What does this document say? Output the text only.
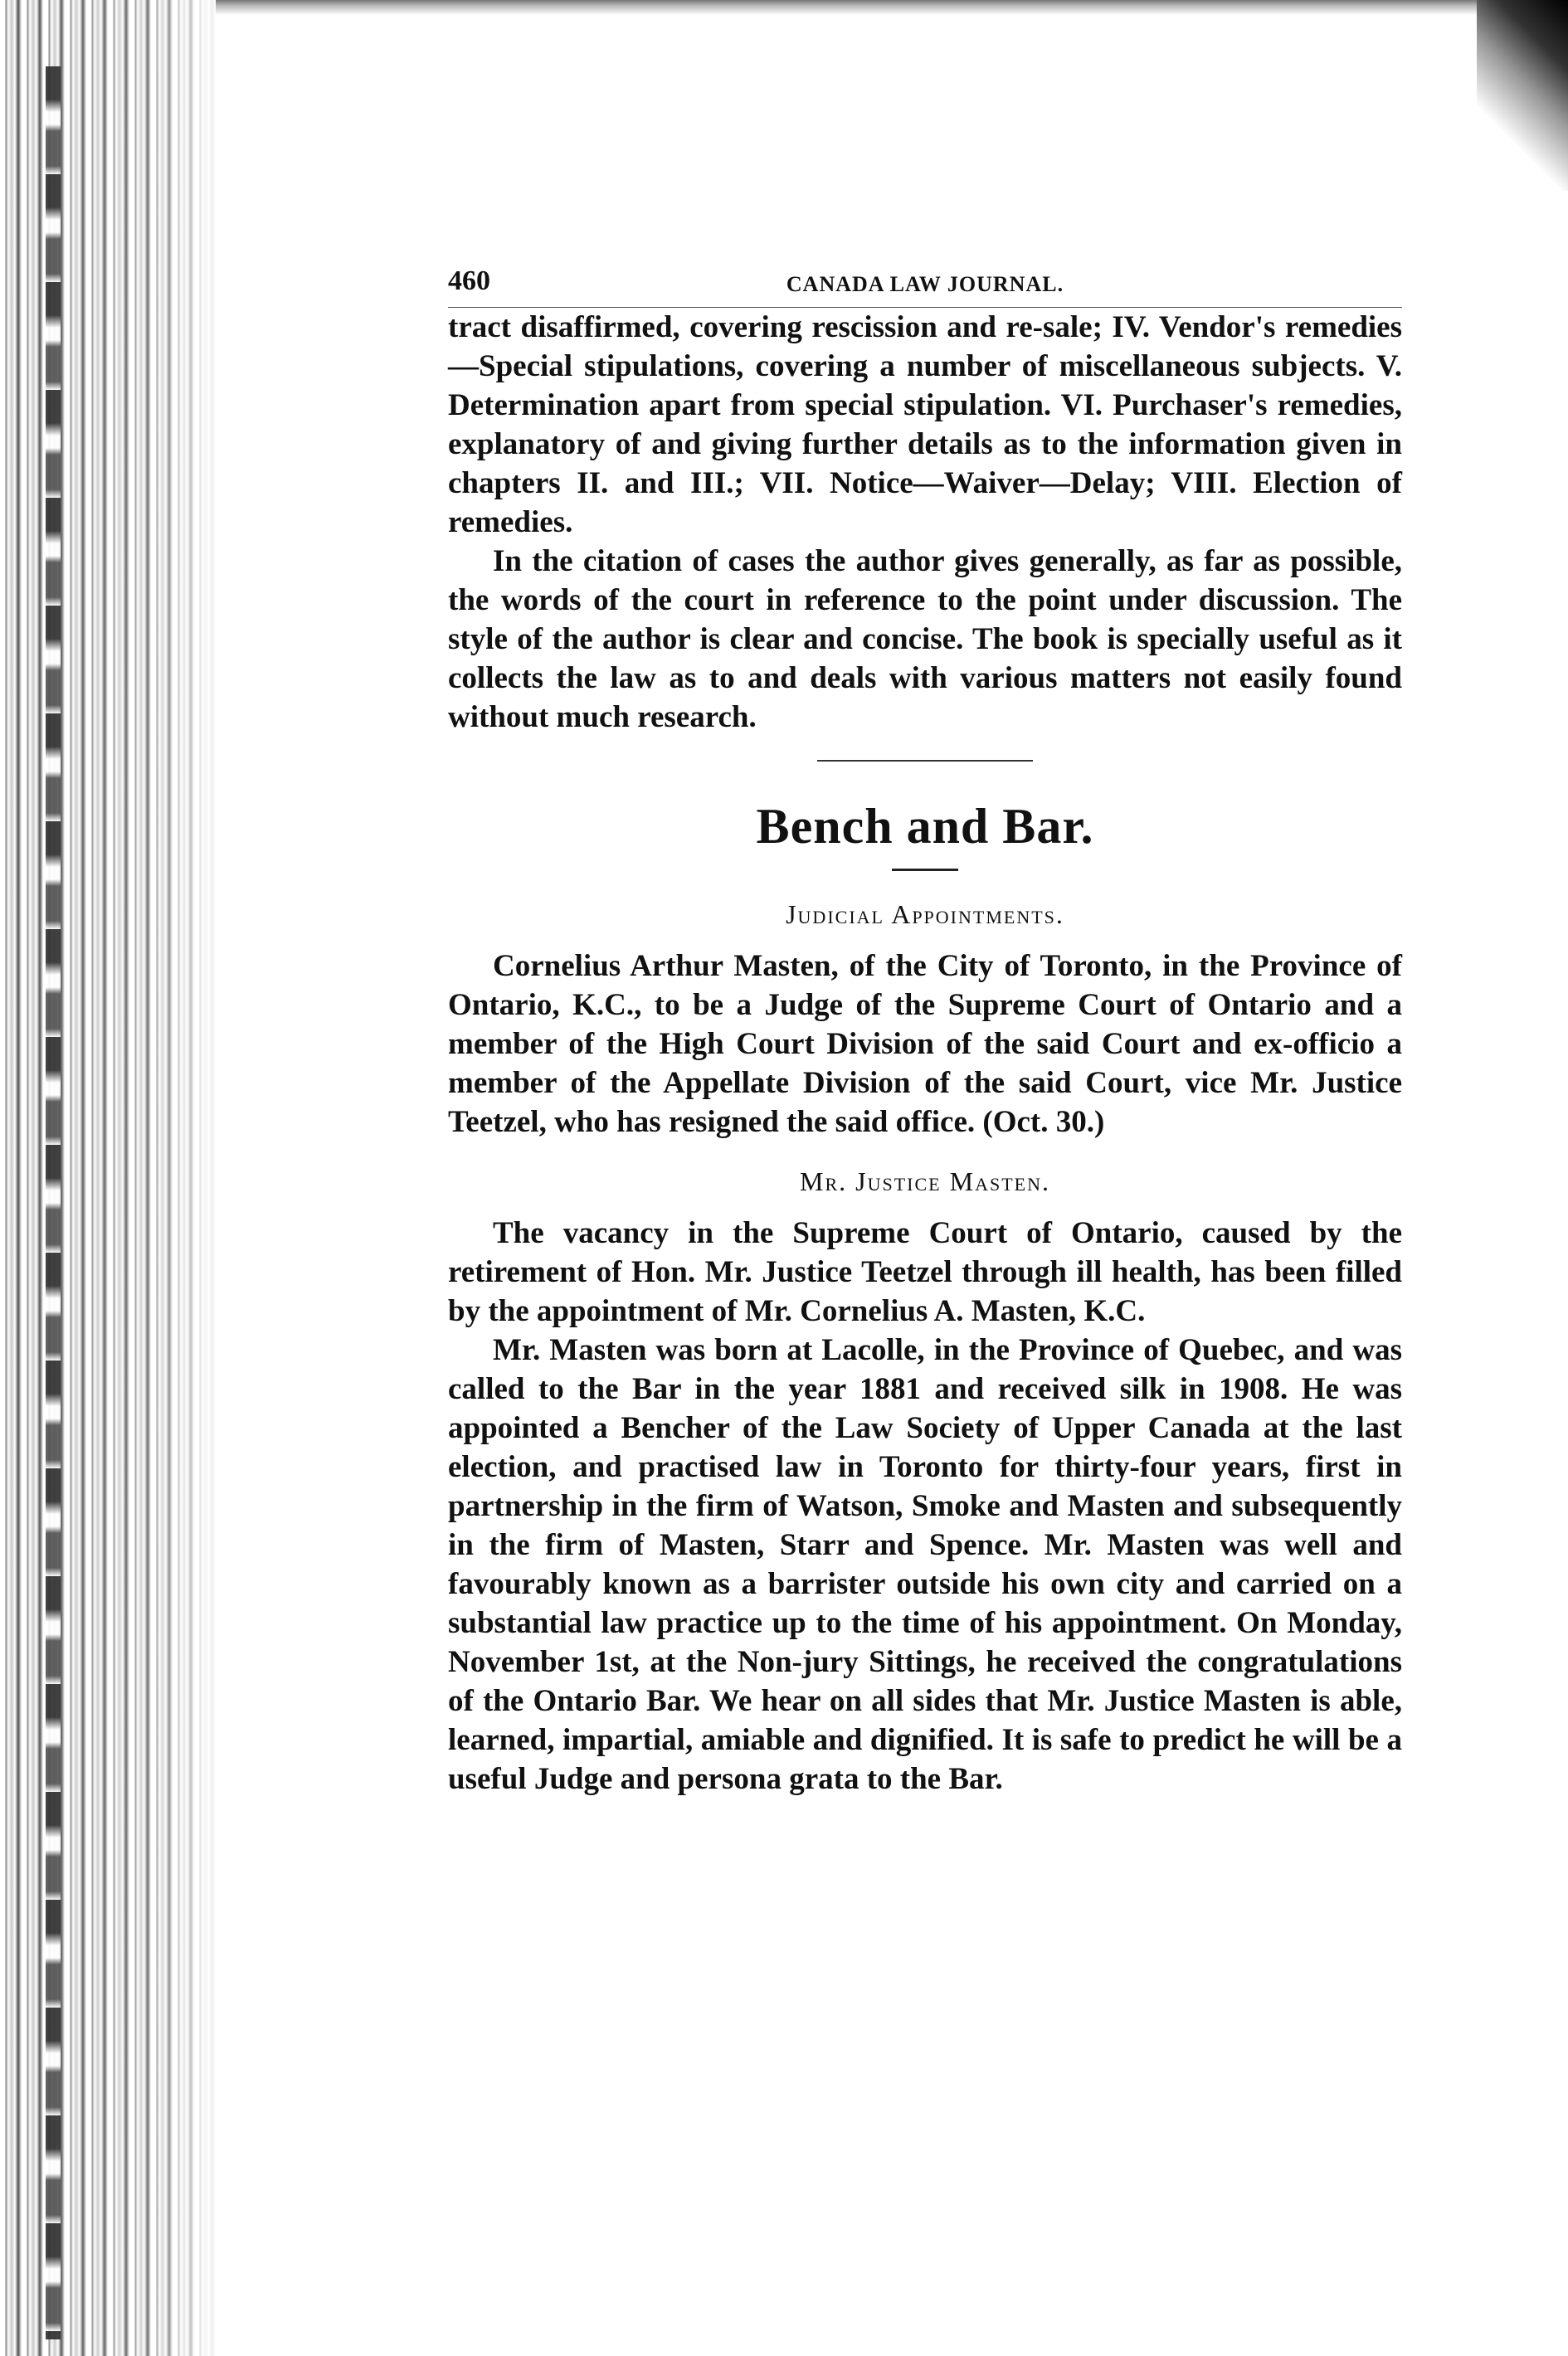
460	CANADA LAW JOURNAL.

tract disaffirmed, covering rescission and re-sale; IV. Vendor's remedies—Special stipulations, covering a number of miscellaneous subjects. V. Determination apart from special stipulation. VI. Purchaser's remedies, explanatory of and giving further details as to the information given in chapters II. and III.; VII. Notice—Waiver—Delay; VIII. Election of remedies.

In the citation of cases the author gives generally, as far as possible, the words of the court in reference to the point under discussion. The style of the author is clear and concise. The book is specially useful as it collects the law as to and deals with various matters not easily found without much research.

Bench and Bar.
Judicial Appointments.

Cornelius Arthur Masten, of the City of Toronto, in the Province of Ontario, K.C., to be a Judge of the Supreme Court of Ontario and a member of the High Court Division of the said Court and ex-officio a member of the Appellate Division of the said Court, vice Mr. Justice Teetzel, who has resigned the said office. (Oct. 30.)

Mr. Justice Masten.

The vacancy in the Supreme Court of Ontario, caused by the retirement of Hon. Mr. Justice Teetzel through ill health, has been filled by the appointment of Mr. Cornelius A. Masten, K.C.

Mr. Masten was born at Lacolle, in the Province of Quebec, and was called to the Bar in the year 1881 and received silk in 1908. He was appointed a Bencher of the Law Society of Upper Canada at the last election, and practised law in Toronto for thirty-four years, first in partnership in the firm of Watson, Smoke and Masten and subsequently in the firm of Masten, Starr and Spence. Mr. Masten was well and favourably known as a barrister outside his own city and carried on a substantial law practice up to the time of his appointment. On Monday, November 1st, at the Non-jury Sittings, he received the congratulations of the Ontario Bar. We hear on all sides that Mr. Justice Masten is able, learned, impartial, amiable and dignified. It is safe to predict he will be a useful Judge and persona grata to the Bar.
